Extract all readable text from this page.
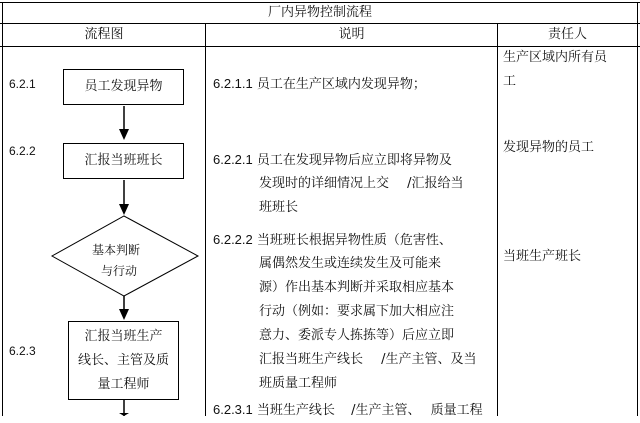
厂内异物控制流程
流程图	说明	责任人
6.2.1
6.2.2
6.2.3
员工发现异物
汇报当班班长
基本判断
与行动
汇报当班生产
线长、主管及质
量工程师
6.2.1.1 员工在生产区域内发现异物；
6.2.2.1 员工在发现异物后应立即将异物及
发现时的详细情况上交 /汇报给当
班班长
6.2.2.2 当班班长根据异物性质（危害性、
属偶然发生或连续发生及可能来
源）作出基本判断并采取相应基本
行动（例如：要求属下加大相应注
意力、委派专人拣拣等）后应立即
汇报当班生产线长 /生产主管、及当
班质量工程师
6.2.3.1 当班生产线长 /生产主管、 质量工程
生产区域内所有员
工
发现异物的员工
当班生产班长
